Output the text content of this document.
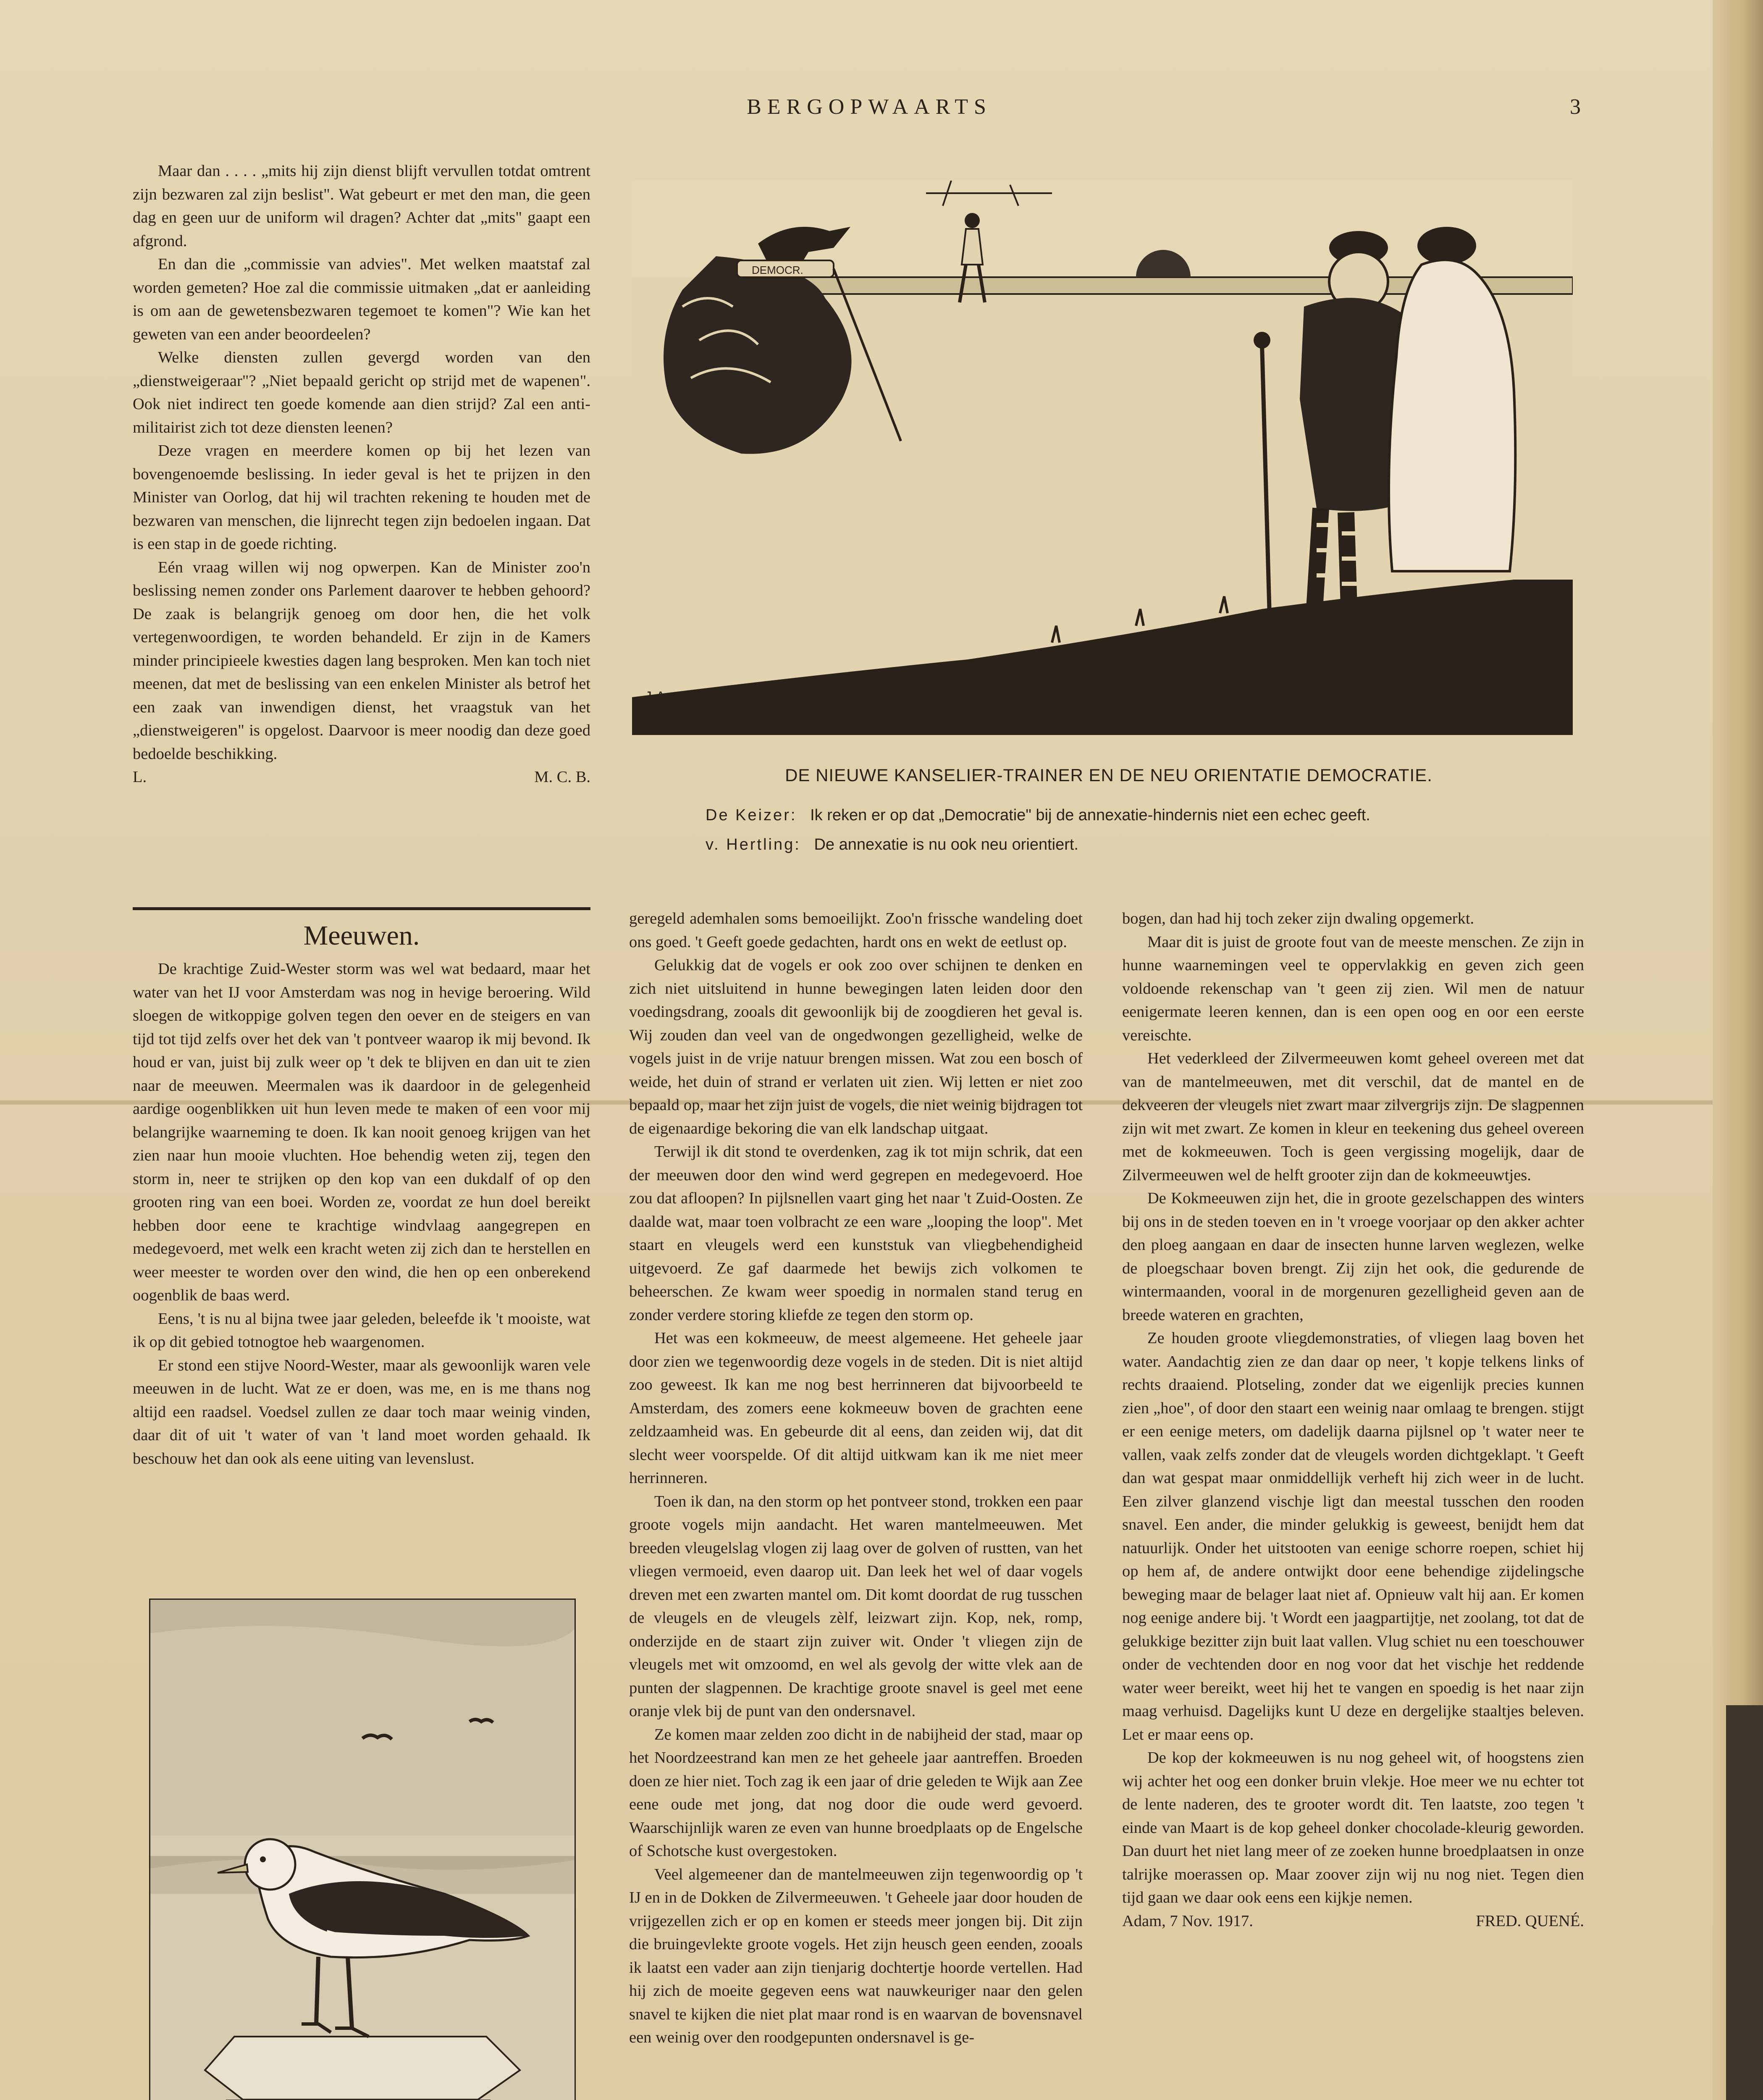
BERGOPWAARTS	3

Maar dan . . . . „mits hij zijn dienst blijft vervullen totdat omtrent zijn bezwaren zal zijn beslist". Wat gebeurt er met den man, die geen dag en geen uur de uniform wil dragen? Achter dat „mits" gaapt een afgrond.

En dan die „commissie van advies". Met welken maatstaf zal worden gemeten? Hoe zal die commissie uitmaken „dat er aanleiding is om aan de gewetensbezwaren tegemoet te komen"? Wie kan het geweten van een ander beoordeelen?

Welke diensten zullen gevergd worden van den „dienstweigeraar"? „Niet bepaald gericht op strijd met de wapenen". Ook niet indirect ten goede komende aan dien strijd? Zal een anti-militairist zich tot deze diensten leenen?

Deze vragen en meerdere komen op bij het lezen van bovengenoemde beslissing. In ieder geval is het te prijzen in den Minister van Oorlog, dat hij wil trachten rekening te houden met de bezwaren van menschen, die lijnrecht tegen zijn bedoelen ingaan. Dat is een stap in de goede richting.

Eén vraag willen wij nog opwerpen. Kan de Minister zoo'n beslissing nemen zonder ons Parlement daarover te hebben gehoord? De zaak is belangrijk genoeg om door hen, die het volk vertegenwoordigen, te worden behandeld. Er zijn in de Kamers minder principieele kwesties dagen lang besproken. Men kan toch niet meenen, dat met de beslissing van een enkelen Minister als betrof het een zaak van inwendigen dienst, het vraagstuk van het „dienstweigeren" is opgelost. Daarvoor is meer noodig dan deze goed bedoelde beschikking.

L.	M. C. B.

Meeuwen.

De krachtige Zuid-Wester storm was wel wat bedaard, maar het water van het IJ voor Amsterdam was nog in hevige beroering. Wild sloegen de witkoppige golven tegen den oever en de steigers en van tijd tot tijd zelfs over het dek van 't pontveer waarop ik mij bevond. Ik houd er van, juist bij zulk weer op 't dek te blijven en dan uit te zien naar de meeuwen. Meermalen was ik daardoor in de gelegenheid aardige oogenblikken uit hun leven mede te maken of een voor mij belangrijke waarneming te doen. Ik kan nooit genoeg krijgen van het zien naar hun mooie vluchten. Hoe behendig weten zij, tegen den storm in, neer te strijken op den kop van een dukdalf of op den grooten ring van een boei. Worden ze, voordat ze hun doel bereikt hebben door eene te krachtige windvlaag aangegrepen en medegevoerd, met welk een kracht weten zij zich dan te herstellen en weer meester te worden over den wind, die hen op een onberekend oogenblik de baas werd.

Eens, 't is nu al bijna twee jaar geleden, beleefde ik 't mooiste, wat ik op dit gebied totnogtoe heb waargenomen.

Er stond een stijve Noord-Wester, maar als gewoonlijk waren vele meeuwen in de lucht. Wat ze er doen, was me, en is me thans nog altijd een raadsel. Voedsel zullen ze daar toch maar weinig vinden, daar dit of uit 't water of van 't land moet worden gehaald. Ik beschouw het dan ook als eene uiting van levenslust.

DEMOCR.
J.A.v. DONSELAAR.
DE NIEUWE KANSELIER-TRAINER EN DE NEU ORIENTATIE DEMOCRATIE.
De Keizer: Ik reken er op dat „Democratie" bij de annexatie-hindernis niet een echec geeft.
v. Hertling: De annexatie is nu ook neu orientiert.

geregeld ademhalen soms bemoeilijkt. Zoo'n frissche wandeling doet ons goed. 't Geeft goede gedachten, hardt ons en wekt de eetlust op.

Gelukkig dat de vogels er ook zoo over schijnen te denken en zich niet uitsluitend in hunne bewegingen laten leiden door den voedingsdrang, zooals dit gewoonlijk bij de zoogdieren het geval is. Wij zouden dan veel van de ongedwongen gezelligheid, welke de vogels juist in de vrije natuur brengen missen. Wat zou een bosch of weide, het duin of strand er verlaten uit zien. Wij letten er niet zoo bepaald op, maar het zijn juist de vogels, die niet weinig bijdragen tot de eigenaardige bekoring die van elk landschap uitgaat.

Terwijl ik dit stond te overdenken, zag ik tot mijn schrik, dat een der meeuwen door den wind werd gegrepen en medegevoerd. Hoe zou dat afloopen? In pijlsnellen vaart ging het naar 't Zuid-Oosten. Ze daalde wat, maar toen volbracht ze een ware „looping the loop". Met staart en vleugels werd een kunststuk van vliegbehendigheid uitgevoerd. Ze gaf daarmede het bewijs zich volkomen te beheerschen. Ze kwam weer spoedig in normalen stand terug en zonder verdere storing kliefde ze tegen den storm op.

Het was een kokmeeuw, de meest algemeene. Het geheele jaar door zien we tegenwoordig deze vogels in de steden. Dit is niet altijd zoo geweest. Ik kan me nog best herrinneren dat bijvoorbeeld te Amsterdam, des zomers eene kokmeeuw boven de grachten eene zeldzaamheid was. En gebeurde dit al eens, dan zeiden wij, dat dit slecht weer voorspelde. Of dit altijd uitkwam kan ik me niet meer herrinneren.

Toen ik dan, na den storm op het pontveer stond, trokken een paar groote vogels mijn aandacht. Het waren mantelmeeuwen. Met breeden vleugelslag vlogen zij laag over de golven of rustten, van het vliegen vermoeid, even daarop uit. Dan leek het wel of daar vogels dreven met een zwarten mantel om. Dit komt doordat de rug tusschen de vleugels en de vleugels zèlf, leizwart zijn. Kop, nek, romp, onderzijde en de staart zijn zuiver wit. Onder 't vliegen zijn de vleugels met wit omzoomd, en wel als gevolg der witte vlek aan de punten der slagpennen. De krachtige groote snavel is geel met eene oranje vlek bij de punt van den ondersnavel.

Ze komen maar zelden zoo dicht in de nabijheid der stad, maar op het Noordzeestrand kan men ze het geheele jaar aantreffen. Broeden doen ze hier niet. Toch zag ik een jaar of drie geleden te Wijk aan Zee eene oude met jong, dat nog door die oude werd gevoerd. Waarschijnlijk waren ze even van hunne broedplaats op de Engelsche of Schotsche kust overgestoken.

Veel algemeener dan de mantelmeeuwen zijn tegenwoordig op 't IJ en in de Dokken de Zilvermeeuwen. 't Geheele jaar door houden de vrijgezellen zich er op en komen er steeds meer jongen bij. Dit zijn die bruingevlekte groote vogels. Het zijn heusch geen eenden, zooals ik laatst een vader aan zijn tienjarig dochtertje hoorde vertellen. Had hij zich de moeite gegeven eens wat nauwkeuriger naar den gelen snavel te kijken die niet plat maar rond is en waarvan de bovensnavel een weinig over den roodgepunten ondersnavel is ge-

bogen, dan had hij toch zeker zijn dwaling opgemerkt.

Maar dit is juist de groote fout van de meeste menschen. Ze zijn in hunne waarnemingen veel te oppervlakkig en geven zich geen voldoende rekenschap van 't geen zij zien. Wil men de natuur eenigermate leeren kennen, dan is een open oog en oor een eerste vereischte.

Het vederkleed der Zilvermeeuwen komt geheel overeen met dat van de mantelmeeuwen, met dit verschil, dat de mantel en de dekveeren der vleugels niet zwart maar zilvergrijs zijn. De slagpennen zijn wit met zwart. Ze komen in kleur en teekening dus geheel overeen met de kokmeeuwen. Toch is geen vergissing mogelijk, daar de Zilvermeeuwen wel de helft grooter zijn dan de kokmeeuwtjes.

De Kokmeeuwen zijn het, die in groote gezelschappen des winters bij ons in de steden toeven en in 't vroege voorjaar op den akker achter den ploeg aangaan en daar de insecten hunne larven weglezen, welke de ploegschaar boven brengt. Zij zijn het ook, die gedurende de wintermaanden, vooral in de morgenuren gezelligheid geven aan de breede wateren en grachten,

Ze houden groote vliegdemonstraties, of vliegen laag boven het water. Aandachtig zien ze dan daar op neer, 't kopje telkens links of rechts draaiend. Plotseling, zonder dat we eigenlijk precies kunnen zien „hoe", of door den staart een weinig naar omlaag te brengen. stijgt er een eenige meters, om dadelijk daarna pijlsnel op 't water neer te vallen, vaak zelfs zonder dat de vleugels worden dichtgeklapt. 't Geeft dan wat gespat maar onmiddellijk verheft hij zich weer in de lucht. Een zilver glanzend vischje ligt dan meestal tusschen den rooden snavel. Een ander, die minder gelukkig is geweest, benijdt hem dat natuurlijk. Onder het uitstooten van eenige schorre roepen, schiet hij op hem af, de andere ontwijkt door eene behendige zijdelingsche beweging maar de belager laat niet af. Opnieuw valt hij aan. Er komen nog eenige andere bij. 't Wordt een jaagpartijtje, net zoolang, tot dat de gelukkige bezitter zijn buit laat vallen. Vlug schiet nu een toeschouwer onder de vechtenden door en nog voor dat het vischje het reddende water weer bereikt, weet hij het te vangen en spoedig is het naar zijn maag verhuisd. Dagelijks kunt U deze en dergelijke staaltjes beleven. Let er maar eens op.

De kop der kokmeeuwen is nu nog geheel wit, of hoogstens zien wij achter het oog een donker bruin vlekje. Hoe meer we nu echter tot de lente naderen, des te grooter wordt dit. Ten laatste, zoo tegen 't einde van Maart is de kop geheel donker chocolade-kleurig geworden. Dan duurt het niet lang meer of ze zoeken hunne broedplaatsen in onze talrijke moerassen op. Maar zoover zijn wij nu nog niet. Tegen dien tijd gaan we daar ook eens een kijkje nemen.

Adam, 7 Nov. 1917.	FRED. QUENÉ.
